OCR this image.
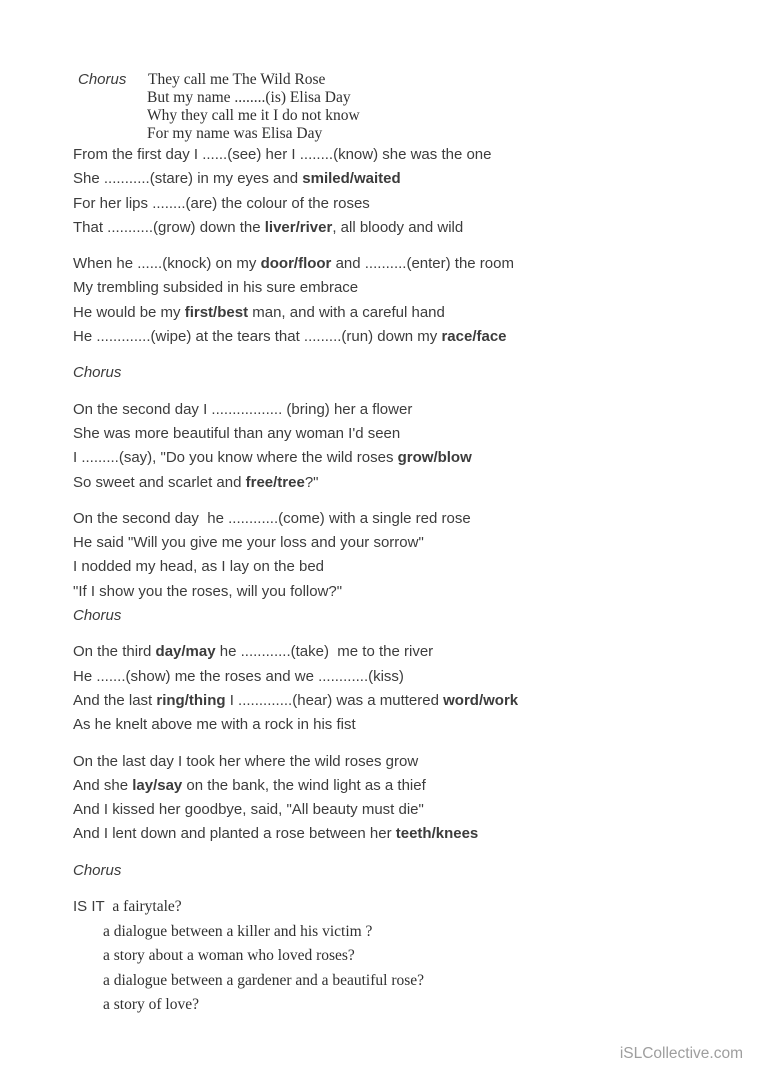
Chorus They call me The Wild Rose
But my name ........(is) Elisa Day
Why they call me it I do not know
For my name was Elisa Day
From the first day I ......(see) her I ........(know) she was the one
She ...........(stare) in my eyes and smiled/waited
For her lips ........(are) the colour of the roses
That ...........(grow) down the liver/river, all bloody and wild
When he ......(knock) on my door/floor and ..........(enter) the room
My trembling subsided in his sure embrace
He would be my first/best man, and with a careful hand
He .............(wipe) at the tears that .........(run) down my race/face
Chorus
On the second day I ................. (bring) her a flower
She was more beautiful than any woman I'd seen
I .........(say), "Do you know where the wild roses grow/blow
So sweet and scarlet and free/tree?"
On the second day  he ............(come) with a single red rose
He said "Will you give me your loss and your sorrow"
I nodded my head, as I lay on the bed
"If I show you the roses, will you follow?"
Chorus
On the third day/may he ............(take)  me to the river
He .......(show) me the roses and we ............(kiss)
And the last ring/thing I .............(hear) was a muttered word/work
As he knelt above me with a rock in his fist
On the last day I took her where the wild roses grow
And she lay/say on the bank, the wind light as a thief
And I kissed her goodbye, said, "All beauty must die"
And I lent down and planted a rose between her teeth/knees
Chorus
IS IT  a fairytale?
a dialogue between a killer and his victim ?
a story about a woman who loved roses?
a dialogue between a gardener and a beautiful rose?
a story of love?
iSLCollective.com
